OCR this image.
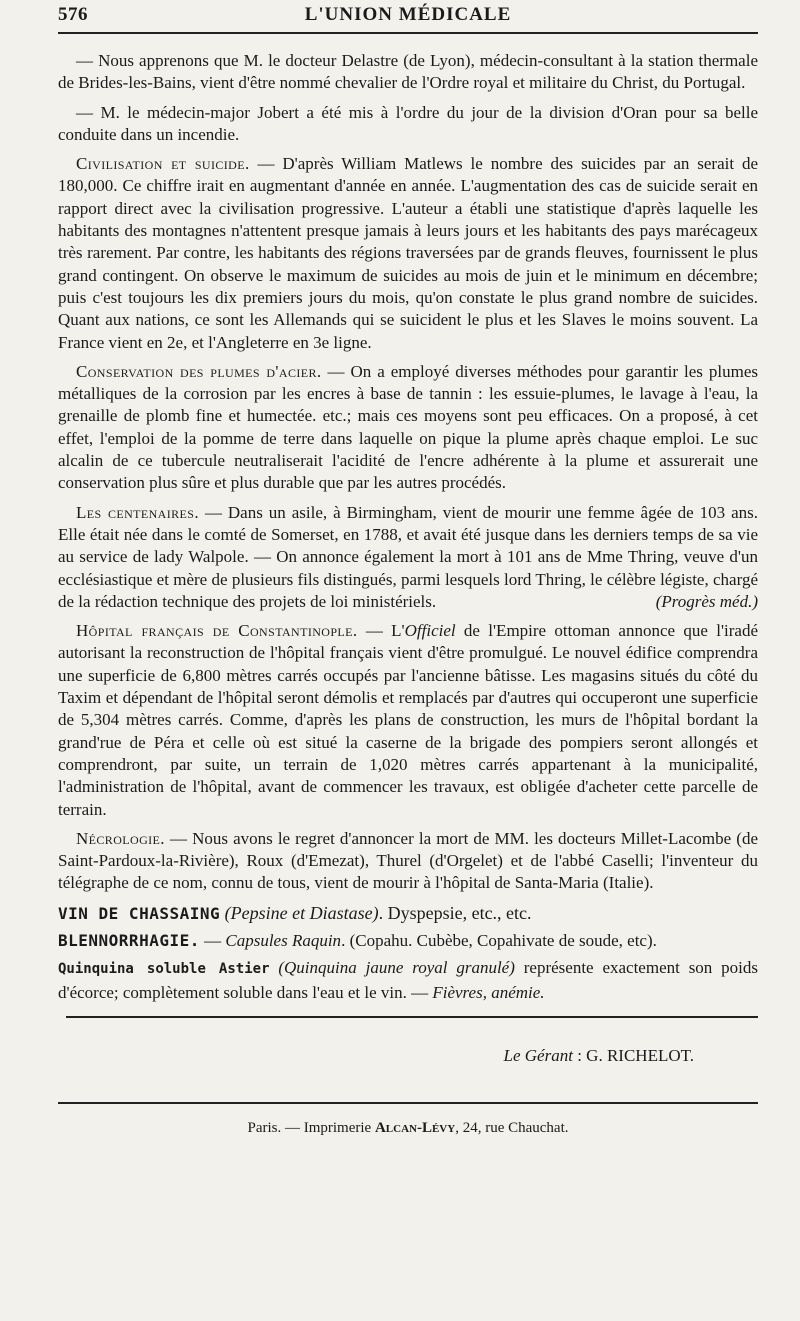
576	L'UNION MÉDICALE

— Nous apprenons que M. le docteur Delastre (de Lyon), médecin-consultant à la station thermale de Brides-les-Bains, vient d'être nommé chevalier de l'Ordre royal et militaire du Christ, du Portugal.

— M. le médecin-major Jobert a été mis à l'ordre du jour de la division d'Oran pour sa belle conduite dans un incendie.

Civilisation et suicide. — D'après William Matlews le nombre des suicides par an serait de 180,000. Ce chiffre irait en augmentant d'année en année. L'augmentation des cas de suicide serait en rapport direct avec la civilisation progressive. L'auteur a établi une statistique d'après laquelle les habitants des montagnes n'attentent presque jamais à leurs jours et les habitants des pays marécageux très rarement. Par contre, les habitants des régions traversées par de grands fleuves, fournissent le plus grand contingent. On observe le maximum de suicides au mois de juin et le minimum en décembre; puis c'est toujours les dix premiers jours du mois, qu'on constate le plus grand nombre de suicides. Quant aux nations, ce sont les Allemands qui se suicident le plus et les Slaves le moins souvent. La France vient en 2e, et l'Angleterre en 3e ligne.

Conservation des plumes d'acier. — On a employé diverses méthodes pour garantir les plumes métalliques de la corrosion par les encres à base de tannin : les essuie-plumes, le lavage à l'eau, la grenaille de plomb fine et humectée. etc.; mais ces moyens sont peu efficaces. On a proposé, à cet effet, l'emploi de la pomme de terre dans laquelle on pique la plume après chaque emploi. Le suc alcalin de ce tubercule neutraliserait l'acidité de l'encre adhérente à la plume et assurerait une conservation plus sûre et plus durable que par les autres procédés.

Les centenaires. — Dans un asile, à Birmingham, vient de mourir une femme âgée de 103 ans. Elle était née dans le comté de Somerset, en 1788, et avait été jusque dans les derniers temps de sa vie au service de lady Walpole. — On annonce également la mort à 101 ans de Mme Thring, veuve d'un ecclésiastique et mère de plusieurs fils distingués, parmi lesquels lord Thring, le célèbre légiste, chargé de la rédaction technique des projets de loi ministériels.	(Progrès méd.)

Hôpital français de Constantinople. — L'Officiel de l'Empire ottoman annonce que l'iradé autorisant la reconstruction de l'hôpital français vient d'être promulgué. Le nouvel édifice comprendra une superficie de 6,800 mètres carrés occupés par l'ancienne bâtisse. Les magasins situés du côté du Taxim et dépendant de l'hôpital seront démolis et remplacés par d'autres qui occuperont une superficie de 5,304 mètres carrés. Comme, d'après les plans de construction, les murs de l'hôpital bordant la grand'rue de Péra et celle où est situé la caserne de la brigade des pompiers seront allongés et comprendront, par suite, un terrain de 1,020 mètres carrés appartenant à la municipalité, l'administration de l'hôpital, avant de commencer les travaux, est obligée d'acheter cette parcelle de terrain.

Nécrologie. — Nous avons le regret d'annoncer la mort de MM. les docteurs Millet-Lacombe (de Saint-Pardoux-la-Rivière), Roux (d'Emezat), Thurel (d'Orgelet) et de l'abbé Caselli; l'inventeur du télégraphe de ce nom, connu de tous, vient de mourir à l'hôpital de Santa-Maria (Italie).

VIN DE CHASSAING (Pepsine et Diastase). Dyspepsie, etc., etc.

BLENNORRHAGIE. — Capsules Raquin. (Copahu. Cubèbe, Copahivate de soude, etc).

Quinquina soluble Astier (Quinquina jaune royal granulé) représente exactement son poids d'écorce; complètement soluble dans l'eau et le vin. — Fièvres, anémie.

Le Gérant : G. RICHELOT.
Paris. — Imprimerie Alcan-Lévy, 24, rue Chauchat.
